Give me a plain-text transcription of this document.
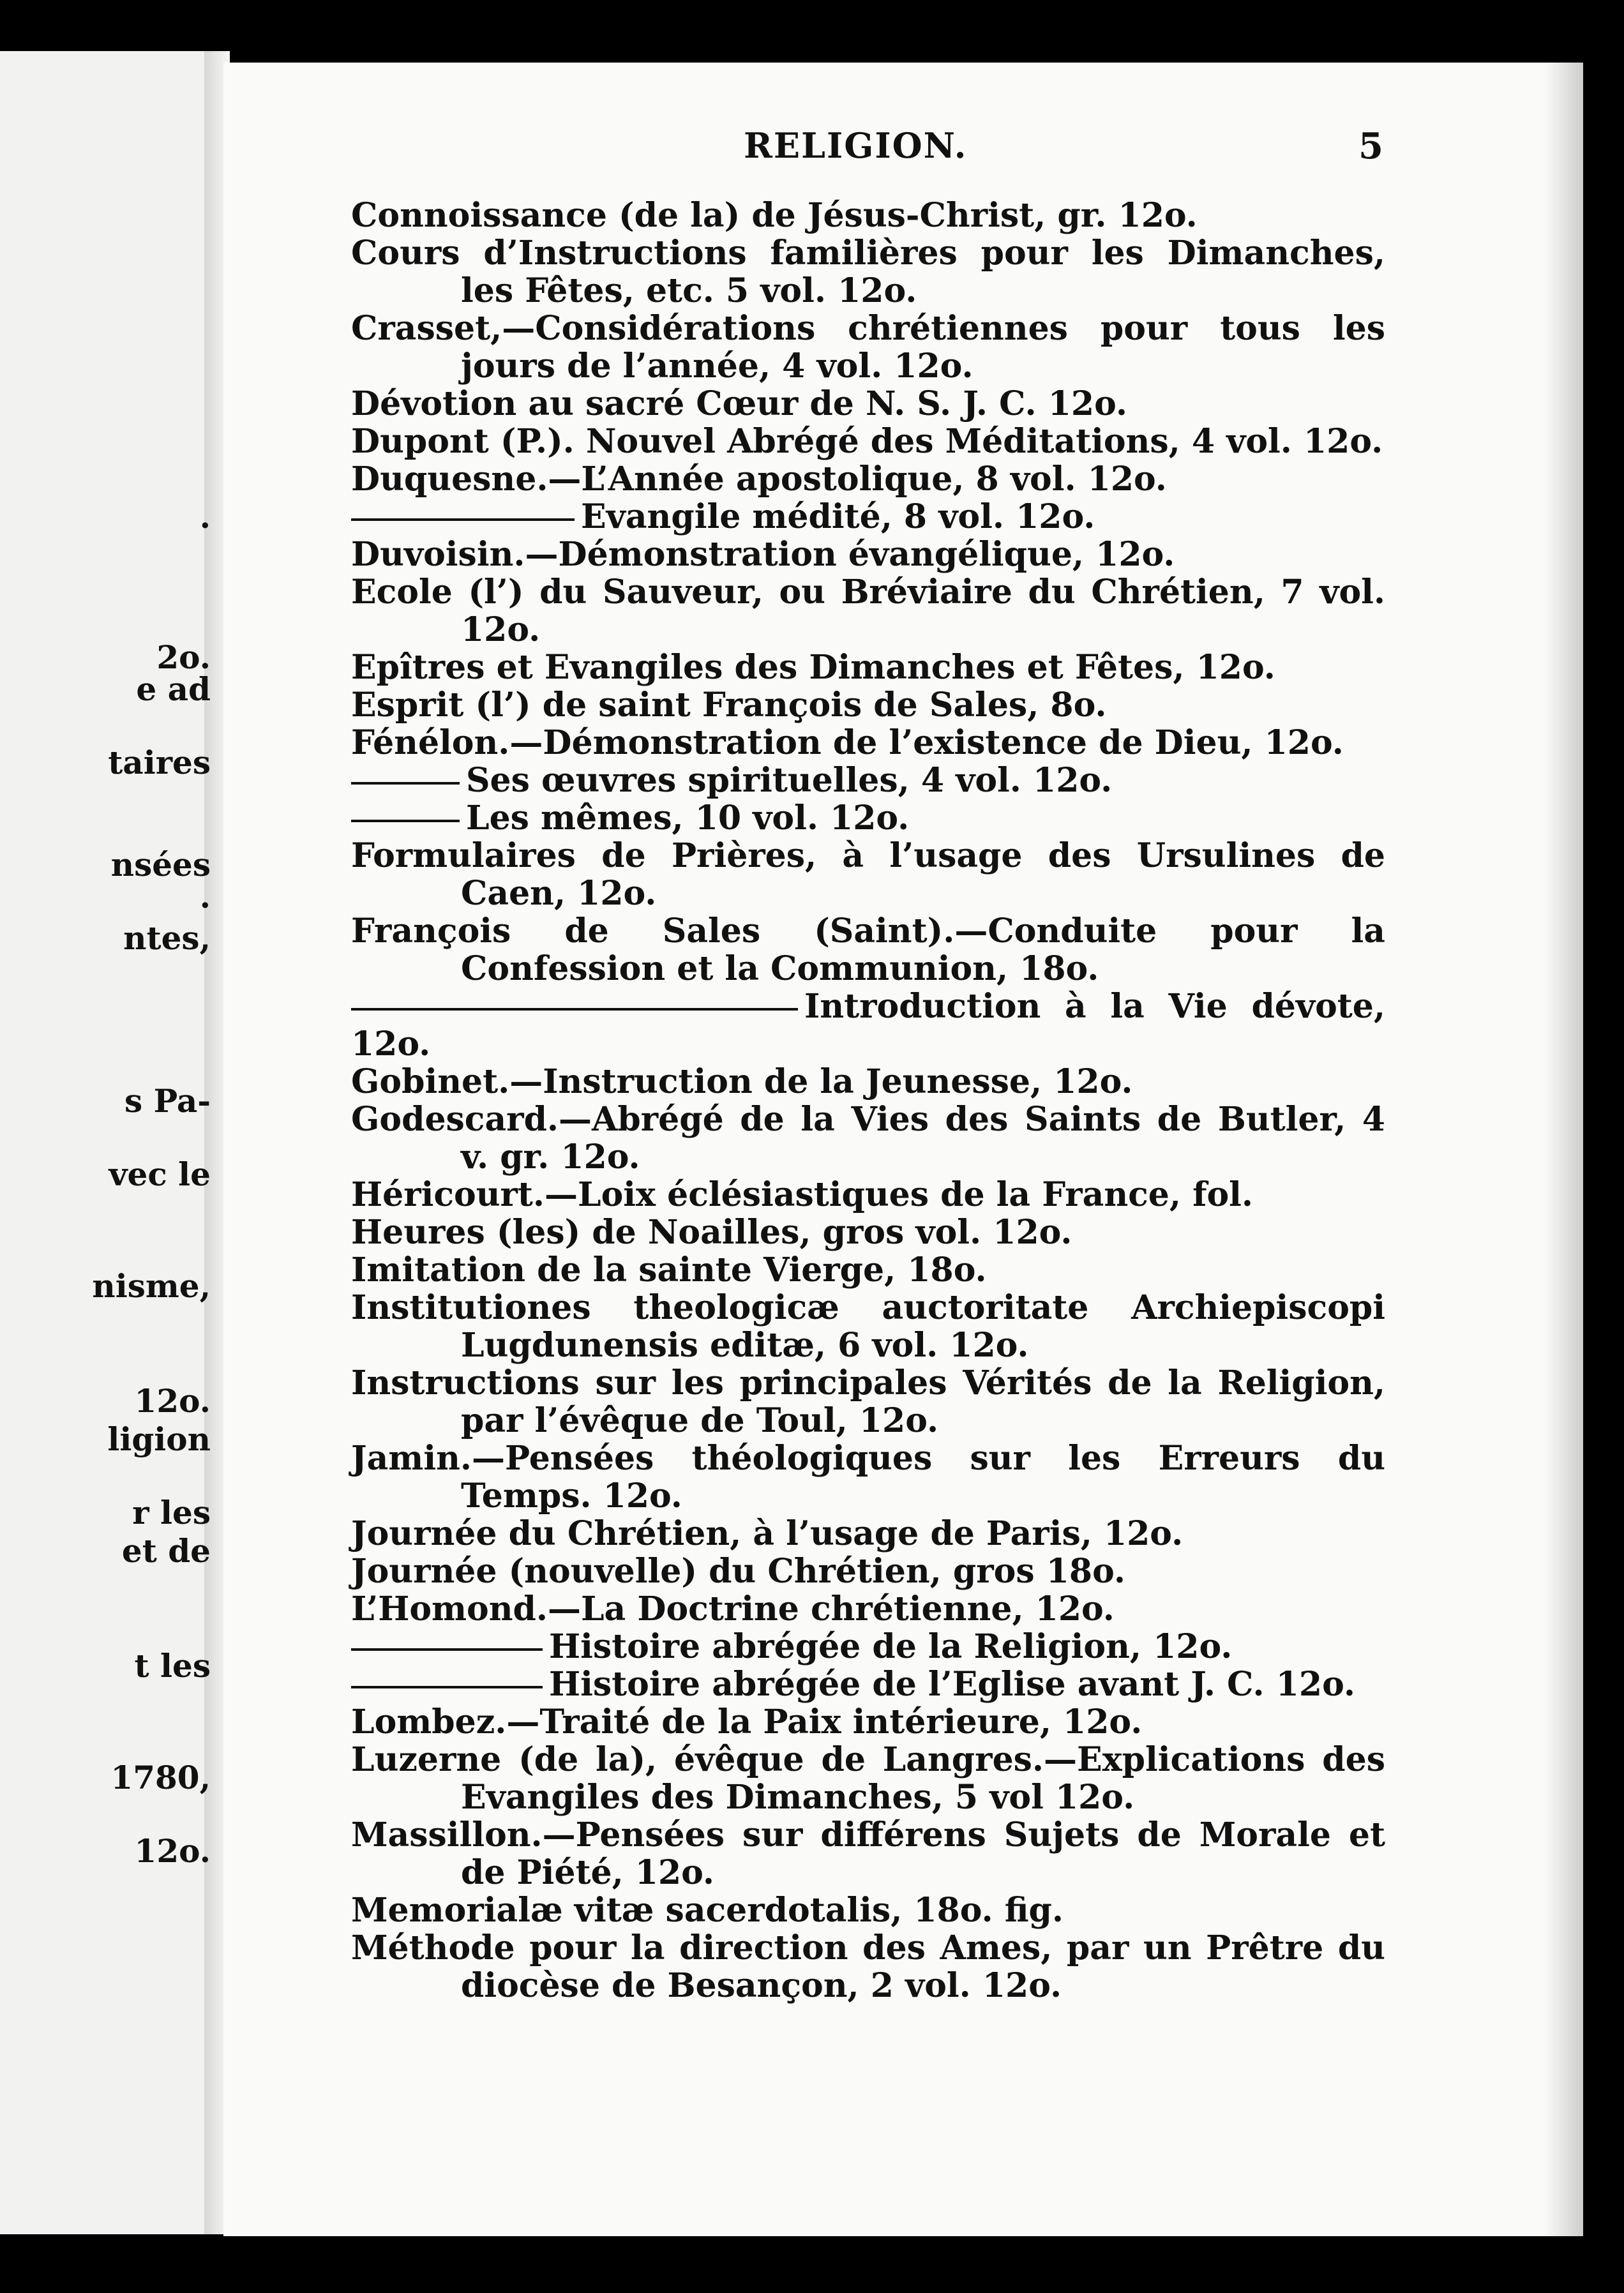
.
2o.
e ad
taires
nsées
.
ntes,
s Pa-
vec le
nisme,
12o.
ligion
r les
et de
t les
1780,
12o.
RELIGION.	5
Connoissance (de la) de Jésus-Christ, gr. 12o.
Cours d’Instructions familières pour les Dimanches, les Fêtes, etc. 5 vol. 12o.
Crasset,—Considérations chrétiennes pour tous les jours de l’année, 4 vol. 12o.
Dévotion au sacré Cœur de N. S. J. C. 12o.
Dupont (P.). Nouvel Abrégé des Méditations, 4 vol. 12o.
Duquesne.—L’Année apostolique, 8 vol. 12o.
Evangile médité, 8 vol. 12o.
Duvoisin.—Démonstration évangélique, 12o.
Ecole (l’) du Sauveur, ou Bréviaire du Chrétien, 7 vol. 12o.
Epîtres et Evangiles des Dimanches et Fêtes, 12o.
Esprit (l’) de saint François de Sales, 8o.
Fénélon.—Démonstration de l’existence de Dieu, 12o.
Ses œuvres spirituelles, 4 vol. 12o.
Les mêmes, 10 vol. 12o.
Formulaires de Prières, à l’usage des Ursulines de Caen, 12o.
François de Sales (Saint).—Conduite pour la Confession et la Communion, 18o.
Introduction à la Vie dévote, 12o.
Gobinet.—Instruction de la Jeunesse, 12o.
Godescard.—Abrégé de la Vies des Saints de Butler, 4 v. gr. 12o.
Héricourt.—Loix éclésiastiques de la France, fol.
Heures (les) de Noailles, gros vol. 12o.
Imitation de la sainte Vierge, 18o.
Institutiones theologicæ auctoritate Archiepiscopi Lugdunensis editæ, 6 vol. 12o.
Instructions sur les principales Vérités de la Religion, par l’évêque de Toul, 12o.
Jamin.—Pensées théologiques sur les Erreurs du Temps. 12o.
Journée du Chrétien, à l’usage de Paris, 12o.
Journée (nouvelle) du Chrétien, gros 18o.
L’Homond.—La Doctrine chrétienne, 12o.
Histoire abrégée de la Religion, 12o.
Histoire abrégée de l’Eglise avant J. C. 12o.
Lombez.—Traité de la Paix intérieure, 12o.
Luzerne (de la), évêque de Langres.—Explications des Evangiles des Dimanches, 5 vol 12o.
Massillon.—Pensées sur différens Sujets de Morale et de Piété, 12o.
Memorialæ vitæ sacerdotalis, 18o. fig.
Méthode pour la direction des Ames, par un Prêtre du diocèse de Besançon, 2 vol. 12o.
